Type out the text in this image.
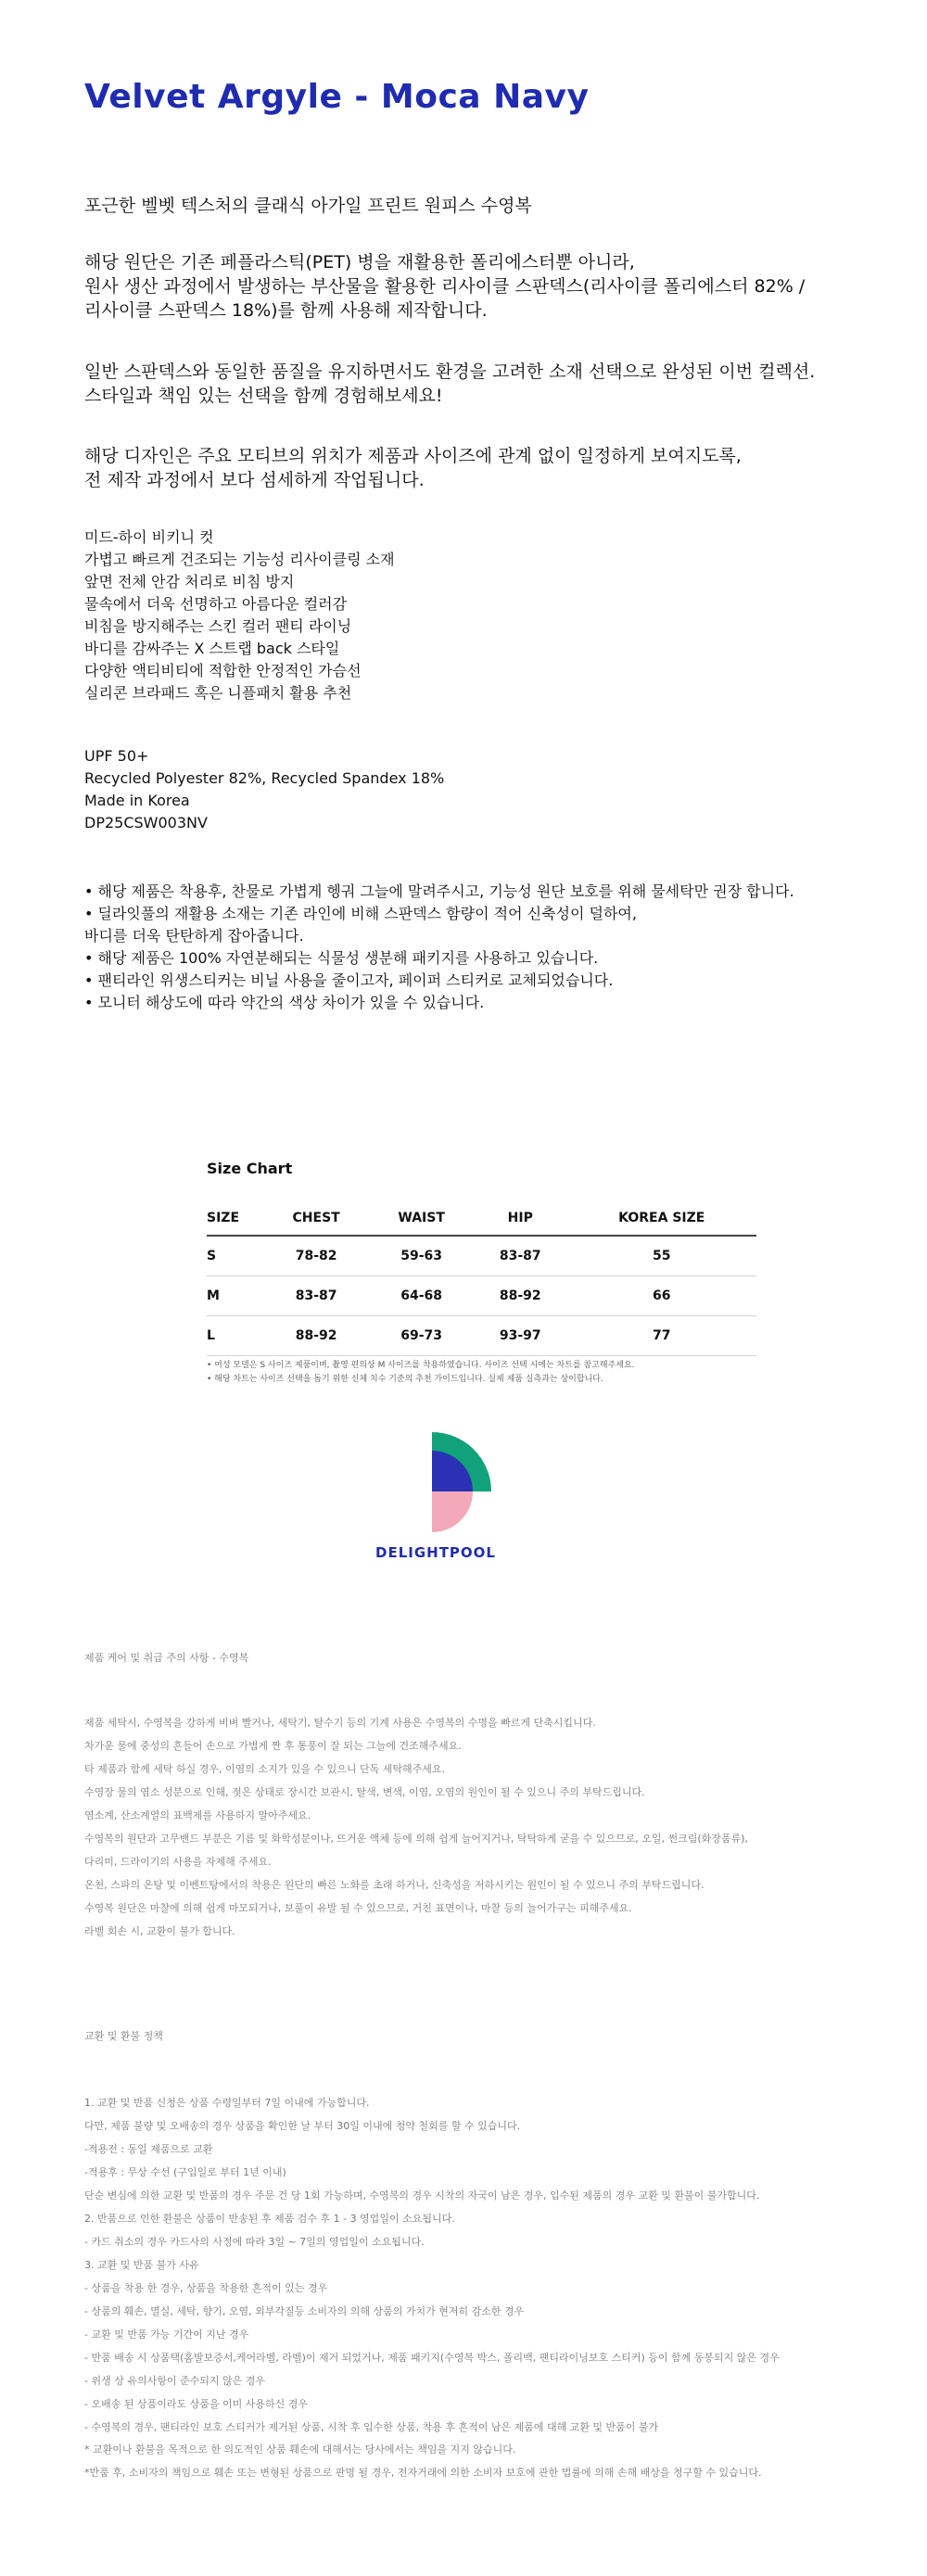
Velvet Argyle - Moca Navy
포근한 벨벳 텍스처의 클래식 아가일 프린트 원피스 수영복
해당 원단은 기존 페플라스틱(PET) 병을 재활용한 폴리에스터뿐 아니라,
원사 생산 과정에서 발생하는 부산물을 활용한 리사이클 스판덱스(리사이클 폴리에스터 82% /
리사이클 스판덱스 18%)를 함께 사용해 제작합니다.
일반 스판덱스와 동일한 품질을 유지하면서도 환경을 고려한 소재 선택으로 완성된 이번 컬렉션.
스타일과 책임 있는 선택을 함께 경험해보세요!
해당 디자인은 주요 모티브의 위치가 제품과 사이즈에 관계 없이 일정하게 보여지도록,
전 제작 과정에서 보다 섬세하게 작업됩니다.
미드-하이 비키니 컷
가볍고 빠르게 건조되는 기능성 리사이클링 소재
앞면 전체 안감 처리로 비침 방지
물속에서 더욱 선명하고 아름다운 컬러감
비침을 방지해주는 스킨 컬러 팬티 라이닝
바디를 감싸주는 X 스트랩 back 스타일
다양한 액티비티에 적합한 안정적인 가슴선
실리콘 브라패드 혹은 니플패치 활용 추천
UPF 50+
Recycled Polyester 82%, Recycled Spandex 18%
Made in Korea
DP25CSW003NV
• 해당 제품은 착용후, 찬물로 가볍게 헹궈 그늘에 말려주시고, 기능성 원단 보호를 위해 물세탁만 권장 합니다.
• 딜라잇풀의 재활용 소재는 기존 라인에 비해 스판덱스 함량이 적어 신축성이 덜하여,
바디를 더욱 탄탄하게 잡아줍니다.
• 해당 제품은 100% 자연분해되는 식물성 생분해 패키지를 사용하고 있습니다.
• 팬티라인 위생스티커는 비닐 사용을 줄이고자, 페이퍼 스티커로 교체되었습니다.
• 모니터 해상도에 따라 약간의 색상 차이가 있을 수 있습니다.
Size Chart
SIZE	CHEST	WAIST	HIP	KOREA SIZE
S	78-82	59-63	83-87	55
M	83-87	64-68	88-92	66
L	88-92	69-73	93-97	77
• 여성 모델은 S 사이즈 제품이며, 촬영 편의상 M 사이즈를 착용하였습니다. 사이즈 선택 시에는 차트를 참고해주세요.
• 해당 차트는 사이즈 선택을 돕기 위한 신체 치수 기준의 추천 가이드입니다. 실제 제품 실측과는 상이합니다.
DELIGHTPOOL
제품 케어 및 취급 주의 사항 - 수영복
제품 세탁시, 수영복을 강하게 비벼 빨거나, 세탁기, 탈수기 등의 기계 사용은 수영복의 수명을 빠르게 단축시킵니다.
차가운 물에 중성의 흔들어 손으로 가볍게 짠 후 통풍이 잘 되는 그늘에 건조해주세요.
타 제품과 함께 세탁 하실 경우, 이염의 소지가 있을 수 있으니 단독 세탁해주세요.
수영장 물의 염소 성분으로 인해, 젖은 상태로 장시간 보관시, 탈색, 변색, 이염, 오염의 원인이 될 수 있으니 주의 부탁드립니다.
염소계, 산소계열의 표백제를 사용하지 말아주세요.
수영복의 원단과 고무밴드 부분은 기름 및 화학성분이나, 뜨거운 액체 등에 의해 쉽게 늘어지거나, 탁탁하게 굳을 수 있으므로, 오일, 썬크림(화장품류),
다리미, 드라이기의 사용을 자제해 주세요.
온천, 스파의 온탕 및 이벤트탕에서의 착용은 원단의 빠른 노화를 초래 하거나, 신축성을 저하시키는 원인이 될 수 있으니 주의 부탁드립니다.
수영복 원단은 마찰에 의해 쉽게 마모되거나, 보풀이 유발 될 수 있으므로, 거친 표면이나, 마찰 등의 늘어가구는 피해주세요.
라벨 회손 시, 교환이 불가 합니다.
교환 및 환불 정책
1. 교환 및 반품 신청은 상품 수령일부터 7일 이내에 가능합니다.
다만, 제품 불량 및 오배송의 경우 상품을 확인한 날 부터 30일 이내에 청약 철회를 할 수 있습니다.
-적용전 : 동일 제품으로 교환
-적용후 : 무상 수선 (구입일로 부터 1년 이내)
단순 변심에 의한 교환 및 반품의 경우 주문 건 당 1회 가능하며, 수영복의 경우 시착의 자국이 남은 경우, 입수된 제품의 경우 교환 및 환불이 불가합니다.
2. 반품으로 인한 환불은 상품이 반송된 후 제품 검수 후 1 - 3 영업일이 소요됩니다.
- 카드 취소의 경우 카드사의 사정에 따라 3일 ~ 7일의 영업일이 소요됩니다.
3. 교환 및 반품 불가 사유
- 상품을 착용 한 경우, 상품을 착용한 흔적이 있는 경우
- 상품의 훼손, 멸실, 세탁, 향기, 오염, 외부각질등 소비자의 의해 상품의 가치가 현저히 감소한 경우
- 교환 및 반품 가능 기간이 지난 경우
- 반품 배송 시 상품택(홈발보증서,케어라벨, 라벨)이 제거 되었거나, 제품 패키지(수영복 박스, 폴리백, 팬티라이닝보호 스티커) 등이 함께 동봉되지 않은 경우
- 위생 상 유의사항이 준수되지 않은 경우
- 오배송 된 상품이라도 상품을 이미 사용하신 경우
- 수영복의 경우, 팬티라인 보호 스티커가 제거된 상품, 시착 후 입수한 상품, 착용 후 흔적이 남은 제품에 대해 교환 및 반품이 불가
* 교환이나 환불을 목적으로 한 의도적인 상품 훼손에 대해서는 당사에서는 책임을 지지 않습니다.
*반품 후, 소비자의 책임으로 훼손 또는 변형된 상품으로 판명 될 경우, 전자거래에 의한 소비자 보호에 관한 법률에 의해 손해 배상을 청구할 수 있습니다.
